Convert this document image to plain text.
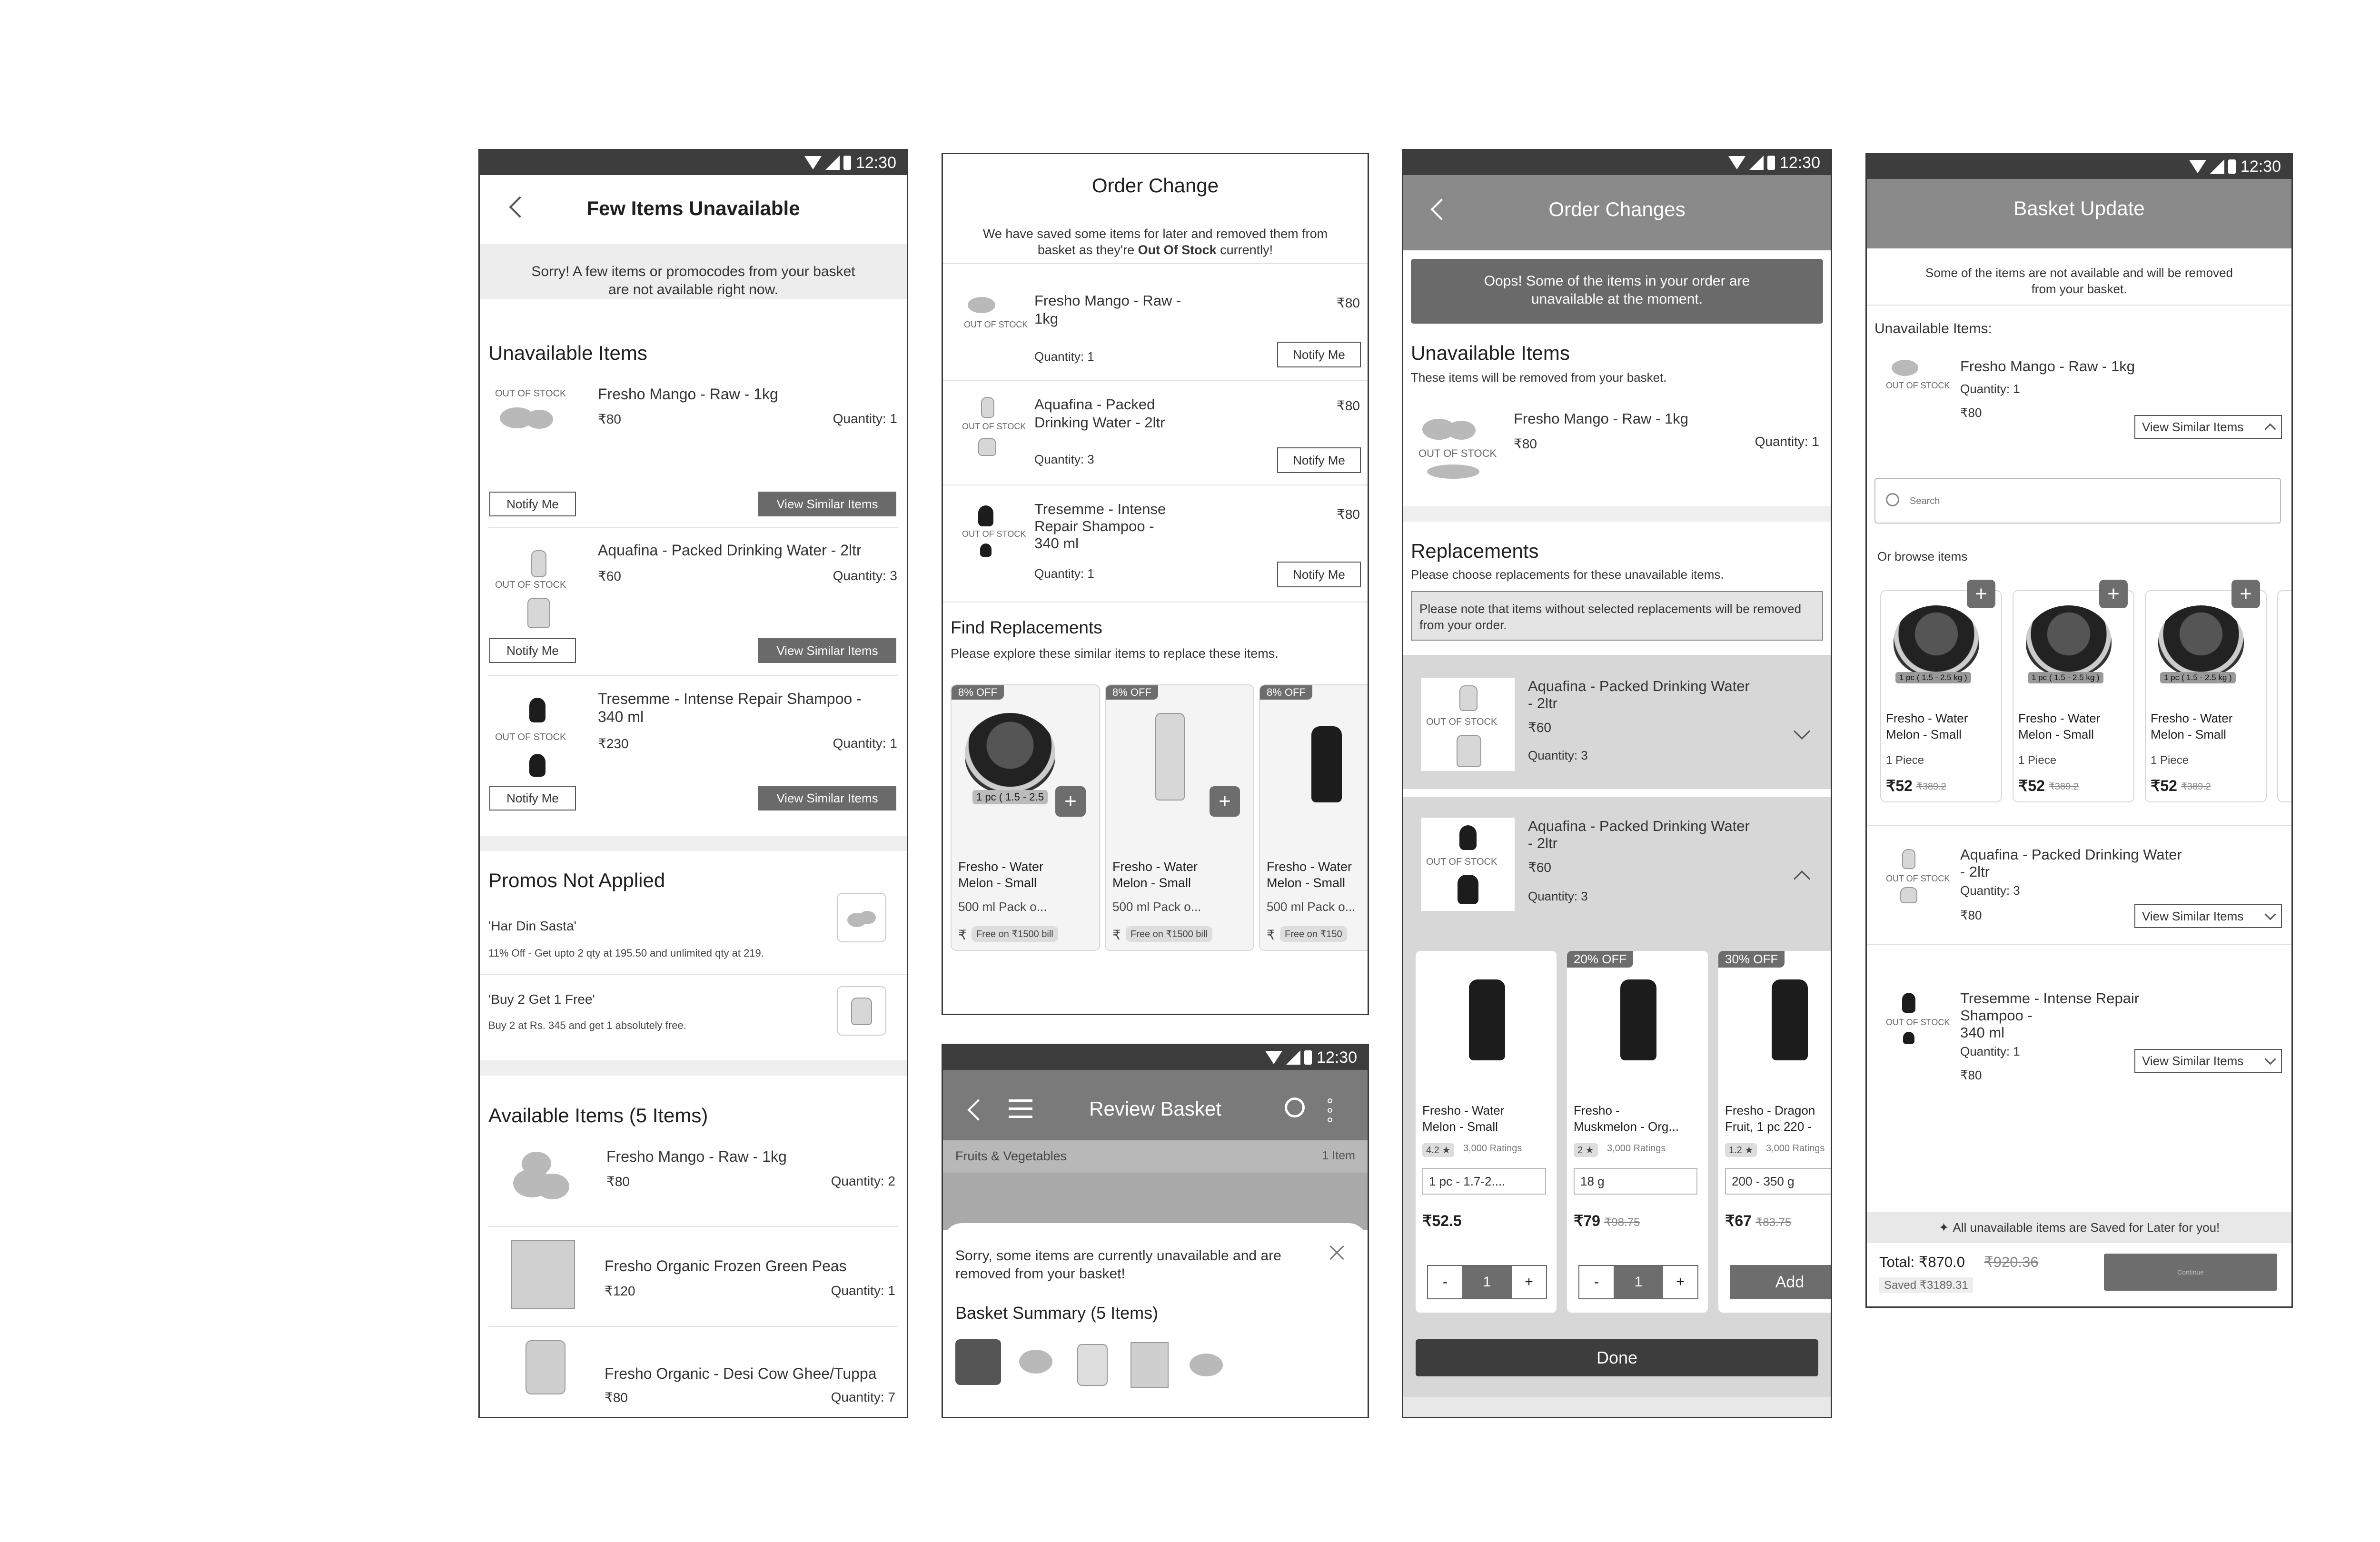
12:30
Few Items Unavailable
Sorry! A few items or promocodes from your basket are not available right now.
Unavailable Items
OUT OF STOCK Fresho Mango - Raw - 1kg
₹80	Quantity: 1
Notify Me	View Similar Items
OUT OF STOCK
Aquafina - Packed Drinking Water - 2ltr
₹60	Quantity: 3
Notify Me	View Similar Items
OUT OF STOCK
Tresemme - Intense Repair Shampoo -
340 ml
₹230	Quantity: 1
Notify Me	View Similar Items
Promos Not Applied
'Har Din Sasta'
11% Off - Get upto 2 qty at 195.50 and unlimited qty at 219.
'Buy 2 Get 1 Free'
Buy 2 at Rs. 345 and get 1 absolutely free.
Available Items (5 Items)
Fresho Mango - Raw - 1kg
₹80	Quantity: 2
Fresho Organic Frozen Green Peas
₹120	Quantity: 1
Fresho Organic - Desi Cow Ghee/Tuppa
₹80	Quantity: 7
Order Change
We have saved some items for later and removed them from
basket as they're Out Of Stock currently!
OUT OF STOCK
Fresho Mango - Raw -
1kg
₹80
Quantity: 1	Notify Me
OUT OF STOCK
Aquafina - Packed
Drinking Water - 2ltr
₹80
Quantity: 3	Notify Me
OUT OF STOCK
Tresemme - Intense
Repair Shampoo -
340 ml
₹80
Quantity: 1	Notify Me
Find Replacements
Please explore these similar items to replace these items.
8% OFF
1 pc ( 1.5 - 2.5 +
Fresho - Water
Melon - Small
500 ml Pack o...
₹	Free on ₹1500 bill
8% OFF
+
Fresho - Water
Melon - Small
500 ml Pack o...
₹	Free on ₹1500 bill
8% OFF
Fresho - Water
Melon - Small
500 ml Pack o...
₹	Free on ₹150
12:30
Order Changes
Oops! Some of the items in your order are unavailable at the moment.
Unavailable Items
These items will be removed from your basket.
OUT OF STOCK
Fresho Mango - Raw - 1kg
₹80	Quantity: 1
Replacements
Please choose replacements for these unavailable items.
Please note that items without selected replacements will be removed from your order.
OUT OF STOCK
Aquafina - Packed Drinking Water
- 2ltr
₹60
Quantity: 3
OUT OF STOCK
Aquafina - Packed Drinking Water
- 2ltr
₹60
Quantity: 3
Fresho - Water
Melon - Small
4.2 ★	3,000 Ratings
1 pc - 1.7-2....
₹52.5
-	1	+
20% OFF
Fresho -
Muskmelon - Org...
2 ★	3,000 Ratings
18 g
₹79 ₹98.75
-	1	+
30% OFF
Fresho - Dragon
Fruit, 1 pc 220 -
1.2 ★	3,000 Ratings
200 - 350 g
₹67 ₹83.75
Add
Done
12:30
Review Basket
Fruits & Vegetables	1 Item
Sorry, some items are currently unavailable and are removed from your basket!
Basket Summary (5 Items)
12:30
Basket Update
Some of the items are not available and will be removed from your basket.
Unavailable Items:
OUT OF STOCK
Fresho Mango - Raw - 1kg
Quantity: 1
₹80
View Similar Items
Search
Or browse items
1 pc ( 1.5 - 2.5 kg )
+
Fresho - Water
Melon - Small
1 Piece
₹52 ₹389.2
1 pc ( 1.5 - 2.5 kg )
+
Fresho - Water
Melon - Small
1 Piece
₹52 ₹389.2
1 pc ( 1.5 - 2.5 kg )
+
Fresho - Water
Melon - Small
1 Piece
₹52 ₹389.2
OUT OF STOCK
Aquafina - Packed Drinking Water
- 2ltr
Quantity: 3
₹80	View Similar Items
OUT OF STOCK
Tresemme - Intense Repair
Shampoo -
340 ml
Quantity: 1
₹80
View Similar Items
✦ All unavailable items are Saved for Later for you!
Total: ₹870.0 ₹920.36
Saved ₹3189.31
Continue
